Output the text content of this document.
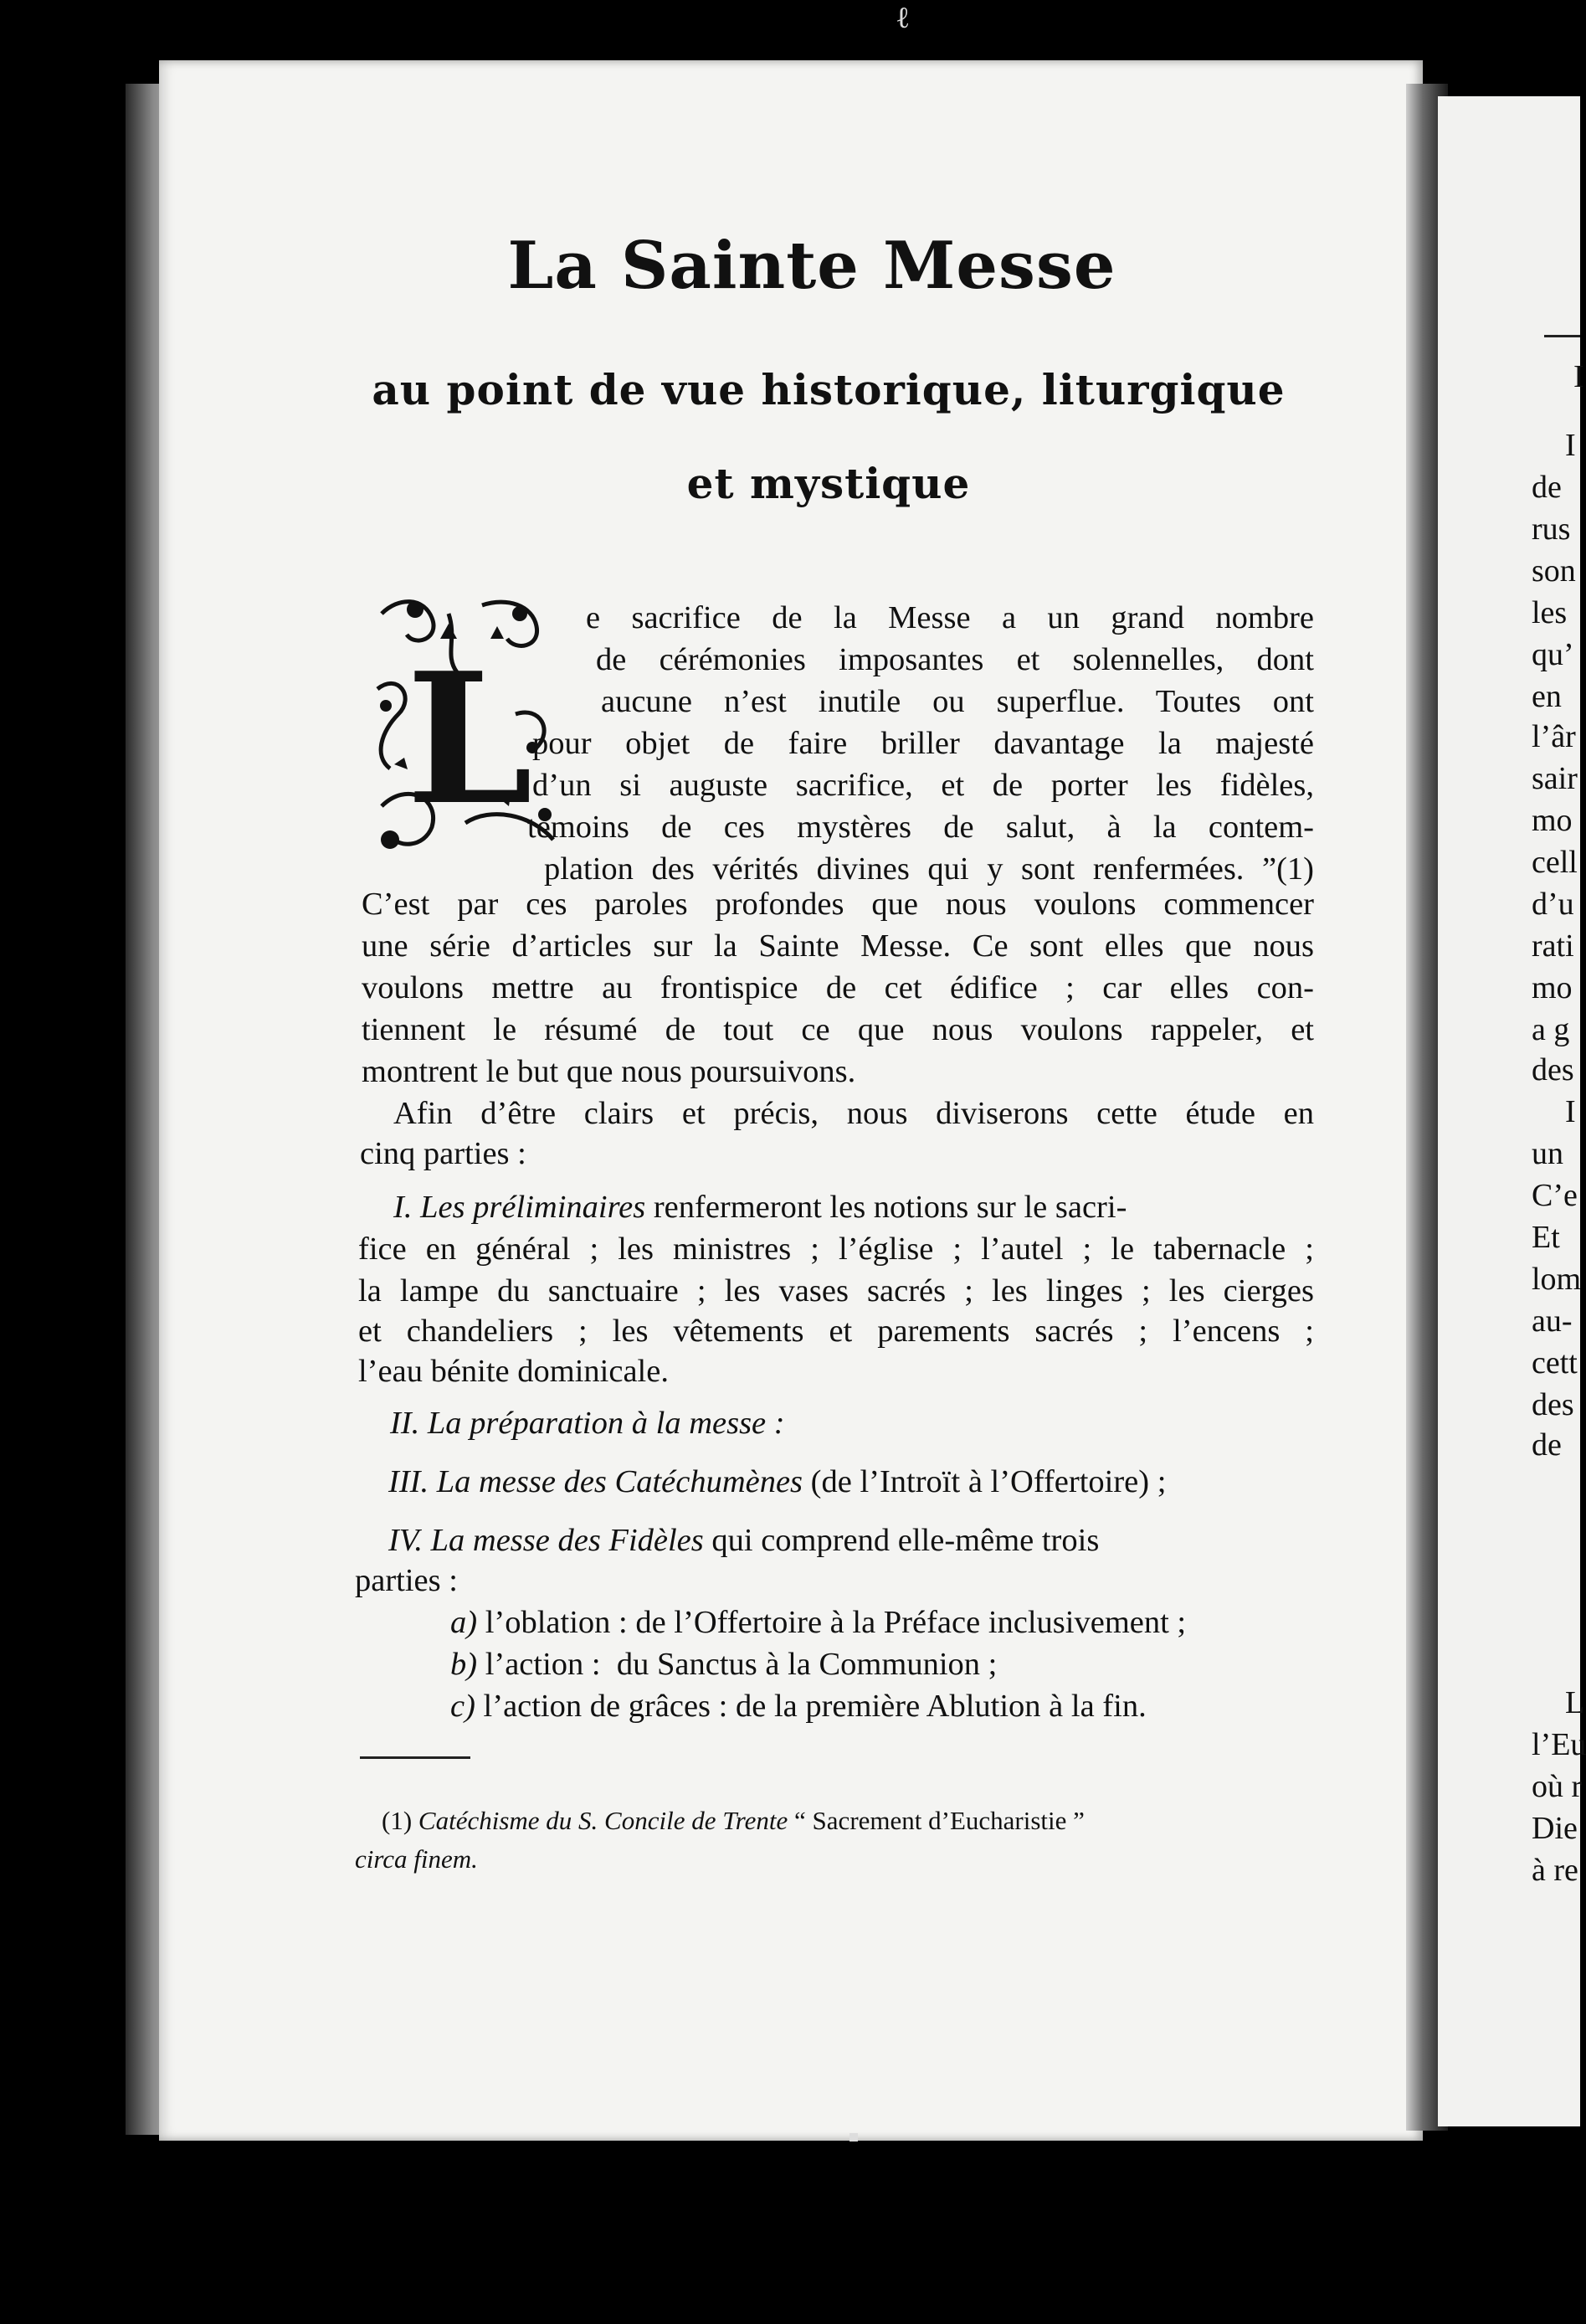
ℓ
La Sainte Messe
au point de vue historique, liturgique
et mystique
L
e sacrifice de la Messe a un grand nombre
de cérémonies imposantes et solennelles, dont
aucune n’est inutile ou superflue. Toutes ont
pour objet de faire briller davantage la majesté
d’un si auguste sacrifice, et de porter les fidèles,
témoins de ces mystères de salut, à la contem-
plation des vérités divines qui y sont renfermées. ”(1)
C’est par ces paroles profondes que nous voulons commencer
une série d’articles sur la Sainte Messe. Ce sont elles que nous
voulons mettre au frontispice de cet édifice ; car elles con-
tiennent le résumé de tout ce que nous voulons rappeler, et
montrent le but que nous poursuivons.
Afin d’être clairs et précis, nous diviserons cette étude en
cinq parties :
I. Les préliminaires renfermeront les notions sur le sacri-
fice en général ; les ministres ; l’église ; l’autel ; le tabernacle ;
la lampe du sanctuaire ; les vases sacrés ; les linges ; les cierges
et chandeliers ; les vêtements et parements sacrés ; l’encens ;
l’eau bénite dominicale.
II. La préparation à la messe :
III. La messe des Catéchumènes (de l’Introït à l’Offertoire) ;
IV. La messe des Fidèles qui comprend elle-même trois
parties :
a) l’oblation : de l’Offertoire à la Préface inclusivement ;
b) l’action :  du Sanctus à la Communion ;
c) l’action de grâces : de la première Ablution à la fin.
(1) Catéchisme du S. Concile de Trente “ Sacrement d’Eucharistie ”
circa finem.
I
I
de
rus
son
les
qu’
en
l’âr
sair
mo
cell
d’u
rati
mo
a g
des
I
un
C’e
Et
lom
au-
cett
des
de
L
l’Eu
où r
Die
à re
